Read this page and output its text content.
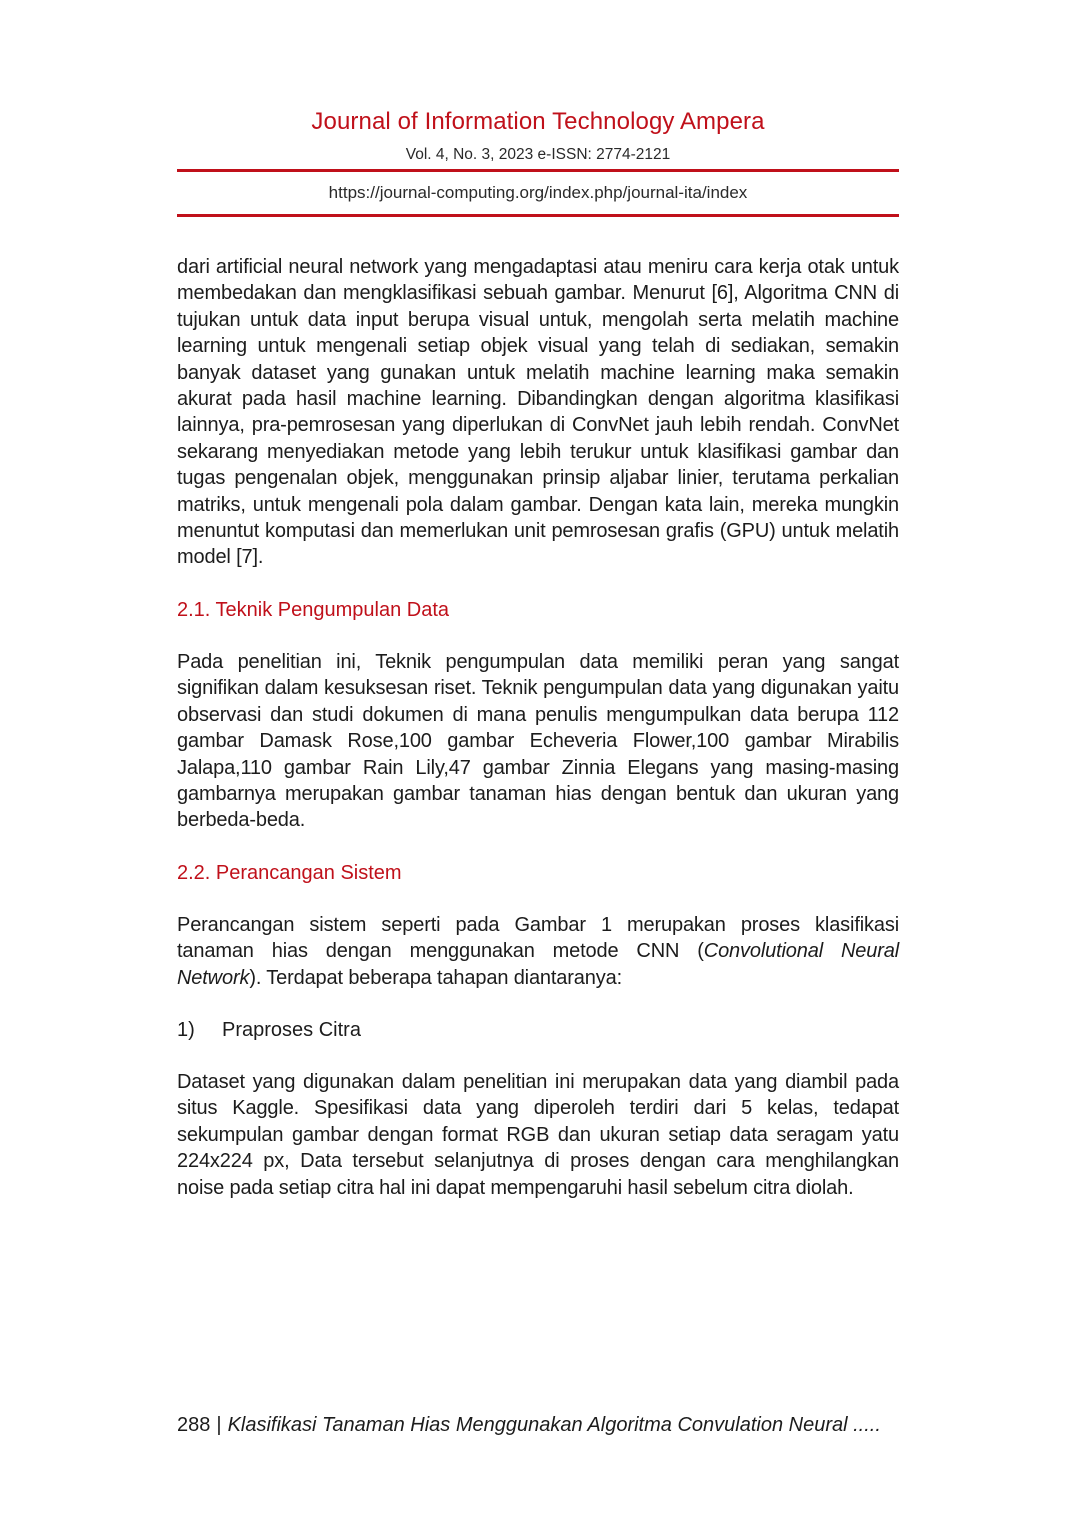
Journal of Information Technology Ampera
Vol. 4, No. 3, 2023 e-ISSN: 2774-2121
https://journal-computing.org/index.php/journal-ita/index

dari artificial neural network yang mengadaptasi atau meniru cara kerja otak untuk membedakan dan mengklasifikasi sebuah gambar. Menurut [6], Algoritma CNN di tujukan untuk data input berupa visual untuk, mengolah serta melatih machine learning untuk mengenali setiap objek visual yang telah di sediakan, semakin banyak dataset yang gunakan untuk melatih machine learning maka semakin akurat pada hasil machine learning. Dibandingkan dengan algoritma klasifikasi lainnya, pra-pemrosesan yang diperlukan di ConvNet jauh lebih rendah. ConvNet sekarang menyediakan metode yang lebih terukur untuk klasifikasi gambar dan tugas pengenalan objek, menggunakan prinsip aljabar linier, terutama perkalian matriks, untuk mengenali pola dalam gambar. Dengan kata lain, mereka mungkin menuntut komputasi dan memerlukan unit pemrosesan grafis (GPU) untuk melatih model [7].

2.1. Teknik Pengumpulan Data

Pada penelitian ini, Teknik pengumpulan data memiliki peran yang sangat signifikan dalam kesuksesan riset. Teknik pengumpulan data yang digunakan yaitu observasi dan studi dokumen di mana penulis mengumpulkan data berupa 112 gambar Damask Rose,100 gambar Echeveria Flower,100 gambar Mirabilis Jalapa,110 gambar Rain Lily,47 gambar Zinnia Elegans yang masing-masing gambarnya merupakan gambar tanaman hias dengan bentuk dan ukuran yang berbeda-beda.

2.2. Perancangan Sistem

Perancangan sistem seperti pada Gambar 1 merupakan proses klasifikasi tanaman hias dengan menggunakan metode CNN (Convolutional Neural Network). Terdapat beberapa tahapan diantaranya:

1) Praproses Citra

Dataset yang digunakan dalam penelitian ini merupakan data yang diambil pada situs Kaggle. Spesifikasi data yang diperoleh terdiri dari 5 kelas, tedapat sekumpulan gambar dengan format RGB dan ukuran setiap data seragam yatu 224x224 px, Data tersebut selanjutnya di proses dengan cara menghilangkan noise pada setiap citra hal ini dapat mempengaruhi hasil sebelum citra diolah.

288 | Klasifikasi Tanaman Hias Menggunakan Algoritma Convulation Neural .....
